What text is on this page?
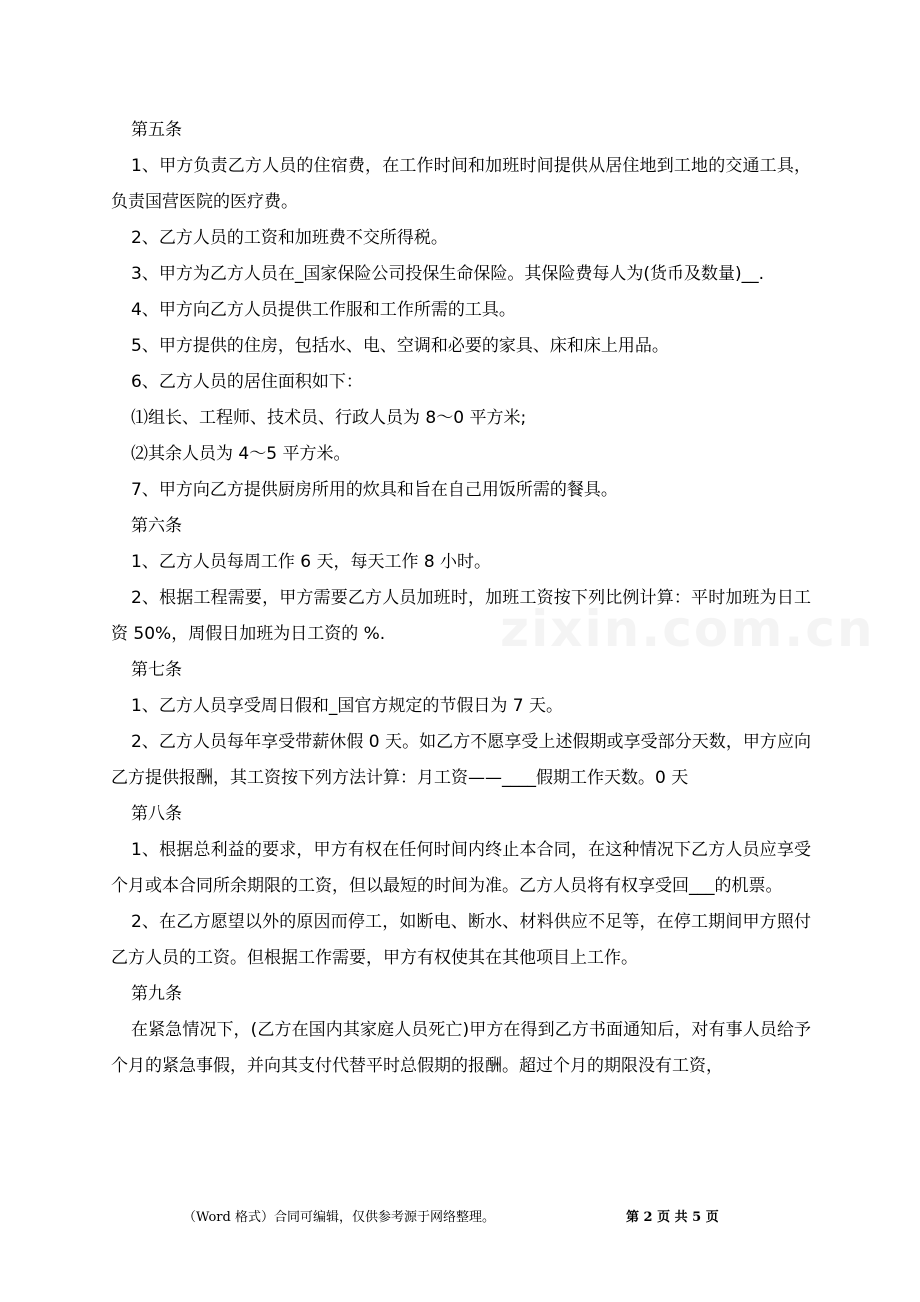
第五条

1、甲方负责乙方人员的住宿费，在工作时间和加班时间提供从居住地到工地的交通工具，负责国营医院的医疗费。

2、乙方人员的工资和加班费不交所得税。

3、甲方为乙方人员在_国家保险公司投保生命保险。其保险费每人为(货币及数量)__.

4、甲方向乙方人员提供工作服和工作所需的工具。

5、甲方提供的住房，包括水、电、空调和必要的家具、床和床上用品。

6、乙方人员的居住面积如下：

⑴组长、工程师、技术员、行政人员为 8～0 平方米;

⑵其余人员为 4～5 平方米。

7、甲方向乙方提供厨房所用的炊具和旨在自己用饭所需的餐具。

第六条

1、乙方人员每周工作 6 天，每天工作 8 小时。

2、根据工程需要，甲方需要乙方人员加班时，加班工资按下列比例计算：平时加班为日工资 50%，周假日加班为日工资的 %.

第七条

1、乙方人员享受周日假和_国官方规定的节假日为 7 天。

2、乙方人员每年享受带薪休假 0 天。如乙方不愿享受上述假期或享受部分天数，甲方应向乙方提供报酬，其工资按下列方法计算：月工资——____假期工作天数。0 天

第八条

1、根据总利益的要求，甲方有权在任何时间内终止本合同，在这种情况下乙方人员应享受个月或本合同所余期限的工资，但以最短的时间为准。乙方人员将有权享受回___的机票。

2、在乙方愿望以外的原因而停工，如断电、断水、材料供应不足等，在停工期间甲方照付乙方人员的工资。但根据工作需要，甲方有权使其在其他项目上工作。

第九条

在紧急情况下，(乙方在国内其家庭人员死亡)甲方在得到乙方书面通知后，对有事人员给予个月的紧急事假，并向其支付代替平时总假期的报酬。超过个月的期限没有工资，

（Word 格式）合同可编辑，仅供参考源于网络整理。	第 2 页 共 5 页
